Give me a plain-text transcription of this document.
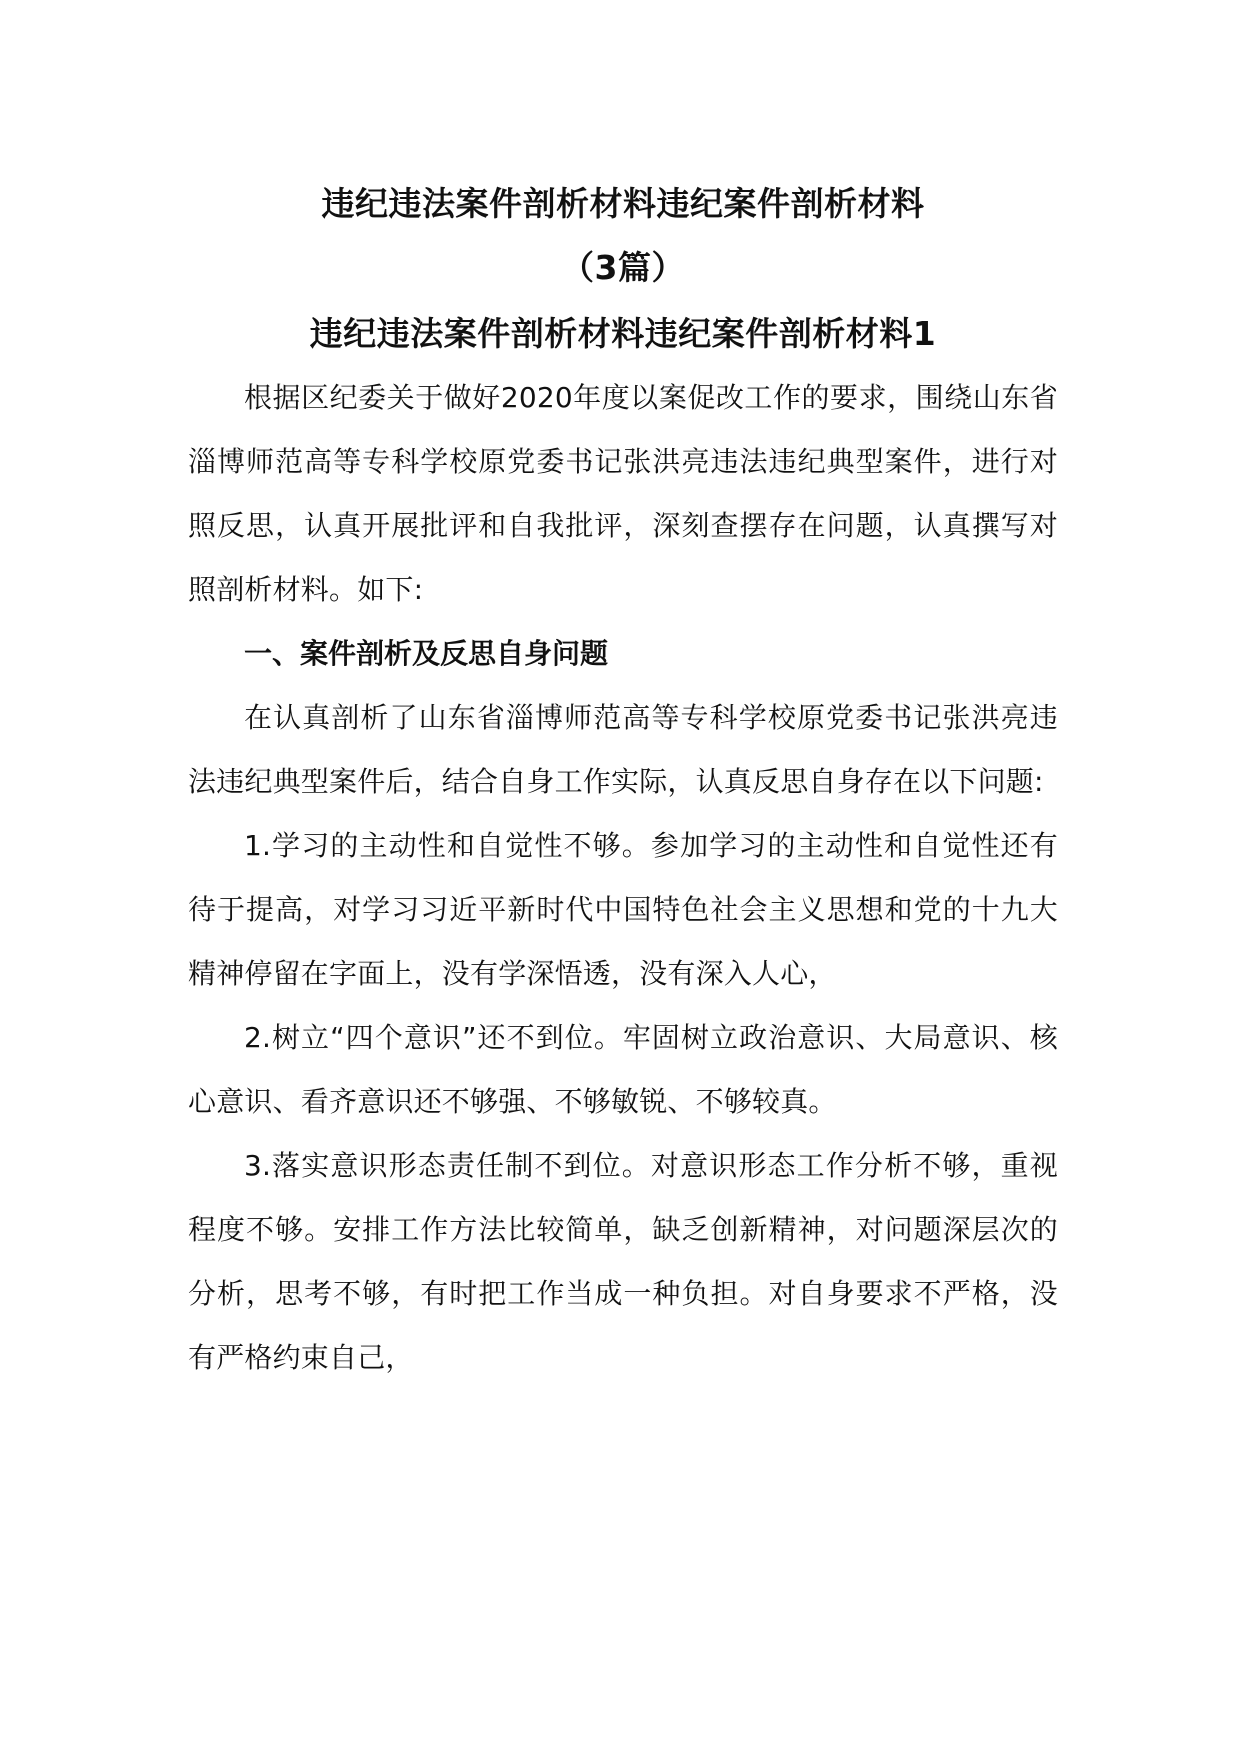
违纪违法案件剖析材料违纪案件剖析材料
（3篇）
违纪违法案件剖析材料违纪案件剖析材料1

根据区纪委关于做好2020年度以案促改工作的要求，围绕山东省淄博师范高等专科学校原党委书记张洪亮违法违纪典型案件，进行对照反思，认真开展批评和自我批评，深刻查摆存在问题，认真撰写对照剖析材料。如下:

一、案件剖析及反思自身问题

在认真剖析了山东省淄博师范高等专科学校原党委书记张洪亮违法违纪典型案件后，结合自身工作实际，认真反思自身存在以下问题:

1.学习的主动性和自觉性不够。参加学习的主动性和自觉性还有待于提高，对学习习近平新时代中国特色社会主义思想和党的十九大精神停留在字面上，没有学深悟透，没有深入人心，

2.树立“四个意识”还不到位。牢固树立政治意识、大局意识、核心意识、看齐意识还不够强、不够敏锐、不够较真。

3.落实意识形态责任制不到位。对意识形态工作分析不够，重视程度不够。安排工作方法比较简单，缺乏创新精神，对问题深层次的分析，思考不够，有时把工作当成一种负担。对自身要求不严格，没有严格约束自己，
